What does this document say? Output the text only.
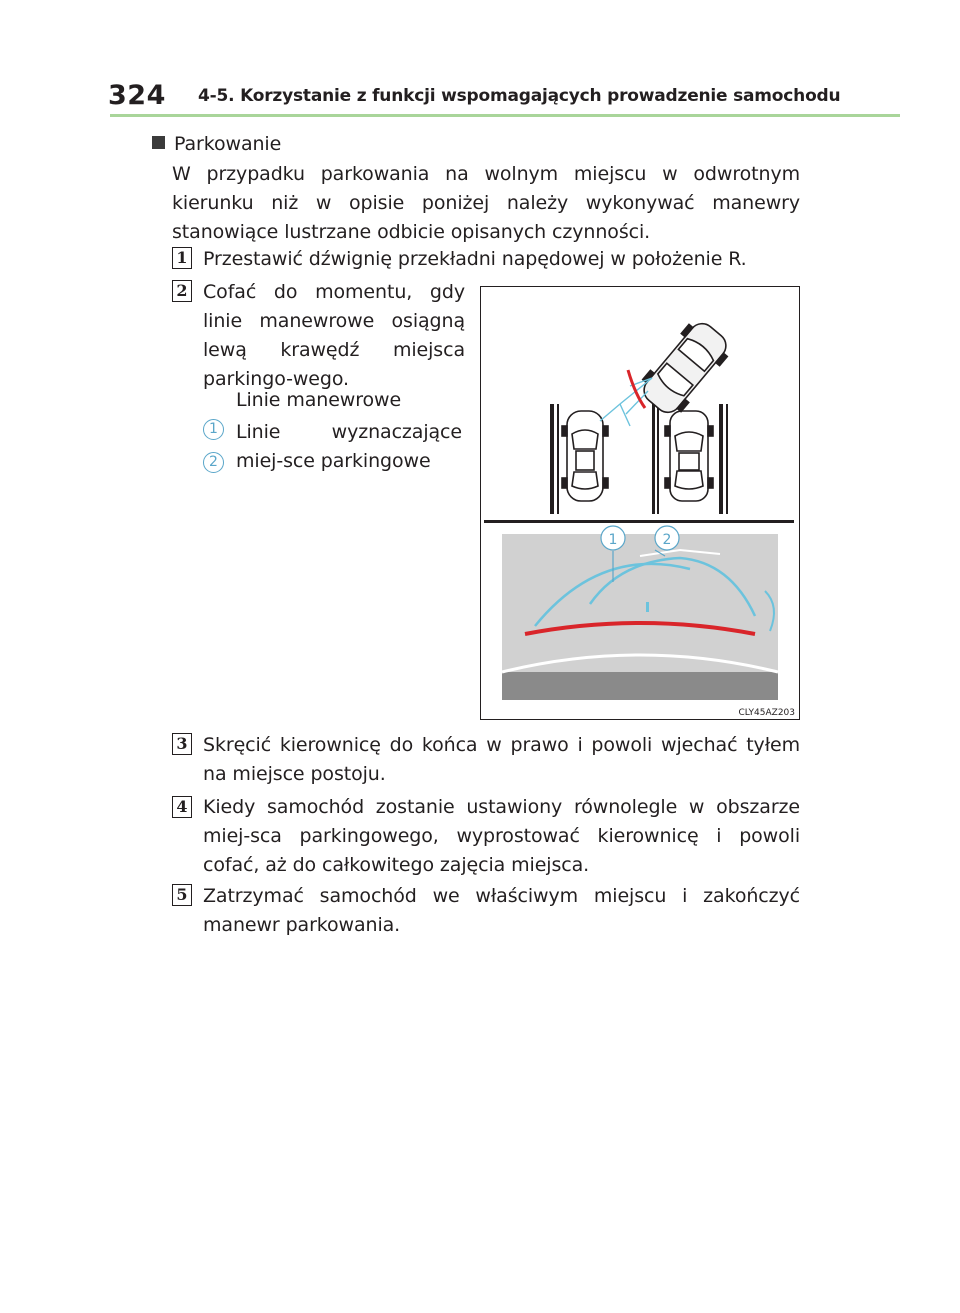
324 4-5. Korzystanie z funkcji wspomagających prowadzenie samochodu
Parkowanie
W przypadku parkowania na wolnym miejscu w odwrotnym kierunku niż w opisie poniżej należy wykonywać manewry stanowiące lustrzane odbicie opisanych czynności.
1 Przestawić dźwignię przekładni napędowej w położenie R.
2 Cofać do momentu, gdy linie manewrowe osiągną lewą krawędź miejsca parkingo-wego.
1
Linie manewrowe
2
Linie wyznaczające miej-sce parkingowe
1	2
CLY45AZ203
3 Skręcić kierownicę do końca w prawo i powoli wjechać tyłem na miejsce postoju.
4 Kiedy samochód zostanie ustawiony równolegle w obszarze miej-sca parkingowego, wyprostować kierownicę i powoli cofać, aż do całkowitego zajęcia miejsca.
5 Zatrzymać samochód we właściwym miejscu i zakończyć manewr parkowania.
